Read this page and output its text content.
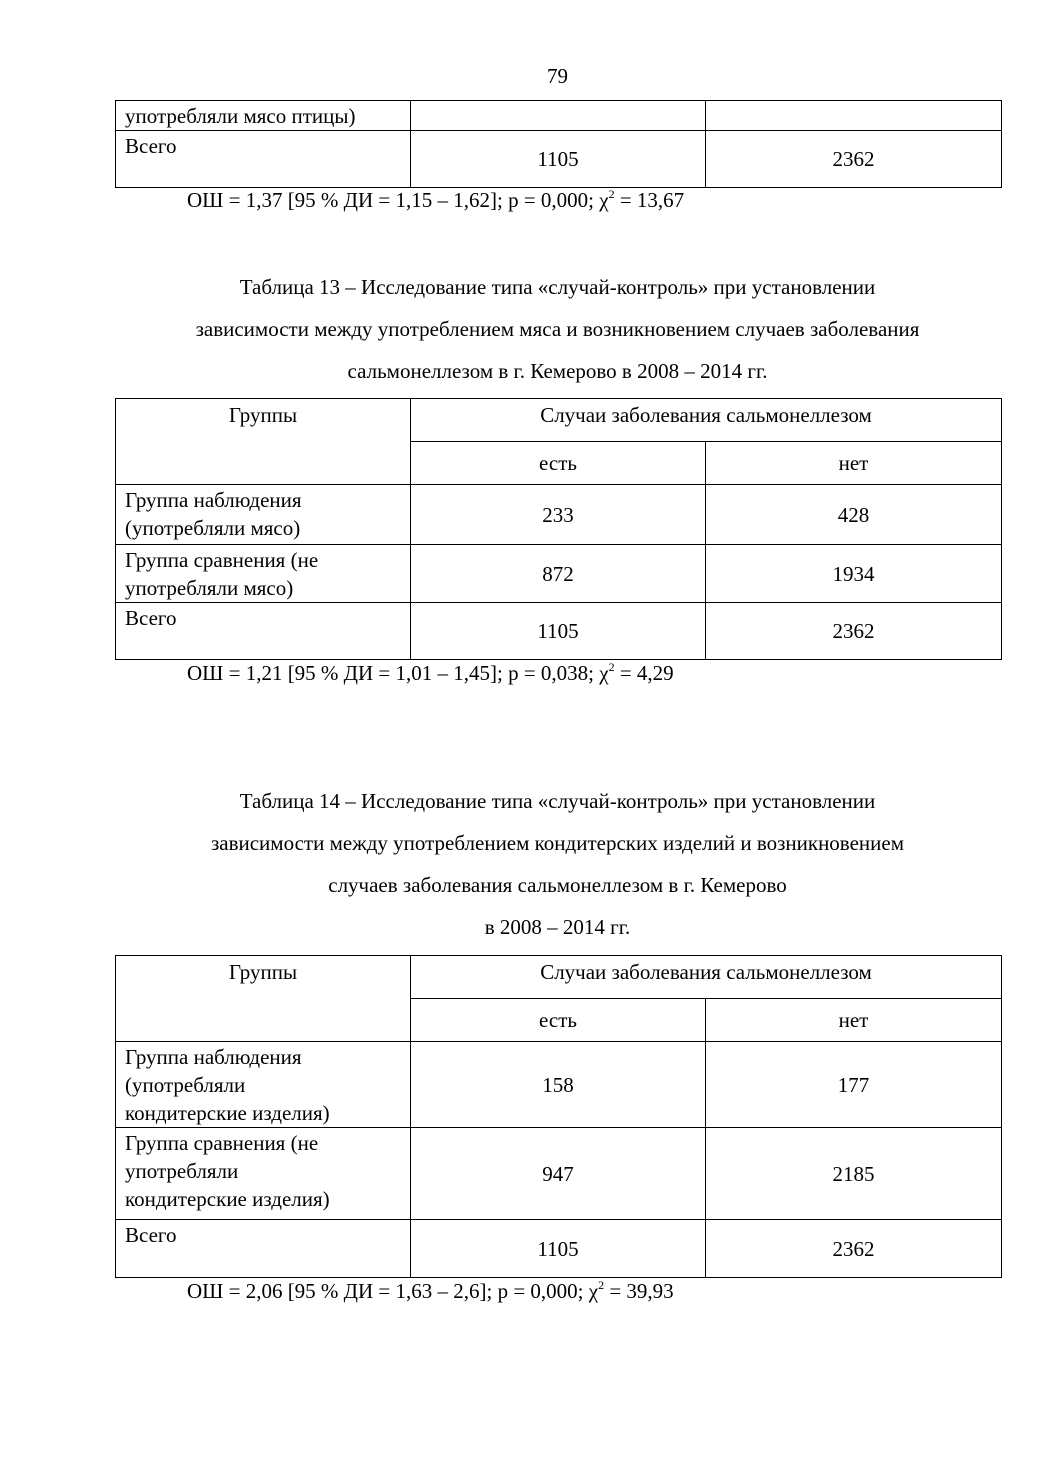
79
употребляли мясо птицы)		
Всего	1105	2362
ОШ = 1,37 [95 % ДИ = 1,15 – 1,62]; p = 0,000; $\chi^2 = 13,67$
Таблица 13 – Исследование типа «случай-контроль» при установлении
зависимости между употреблением мяса и возникновением случаев заболевания
сальмонеллезом в г. Кемерово в 2008 – 2014 гг.
Группы	Случаи заболевания сальмонеллезом	
	есть	нет

Группа наблюдения
(употребляли мясо)	233	428

Группа сравнения (не
употребляли мясо)	872	1934

Всего	1105	2362
ОШ = 1,21 [95 % ДИ = 1,01 – 1,45]; p = 0,038; $\chi^2 = 4,29$
Таблица 14 – Исследование типа «случай-контроль» при установлении
зависимости между употреблением кондитерских изделий и возникновением
случаев заболевания сальмонеллезом в г. Кемерово
в 2008 – 2014 гг.
Группы	Случаи заболевания сальмонеллезом	
	есть	нет

Группа наблюдения
(употребляли
кондитерские изделия)	158	177

Группа сравнения (не
употребляли
кондитерские изделия)	947	2185

Всего	1105	2362
ОШ = 2,06 [95 % ДИ = 1,63 – 2,6]; p = 0,000; $\chi^2 = 39,93$
